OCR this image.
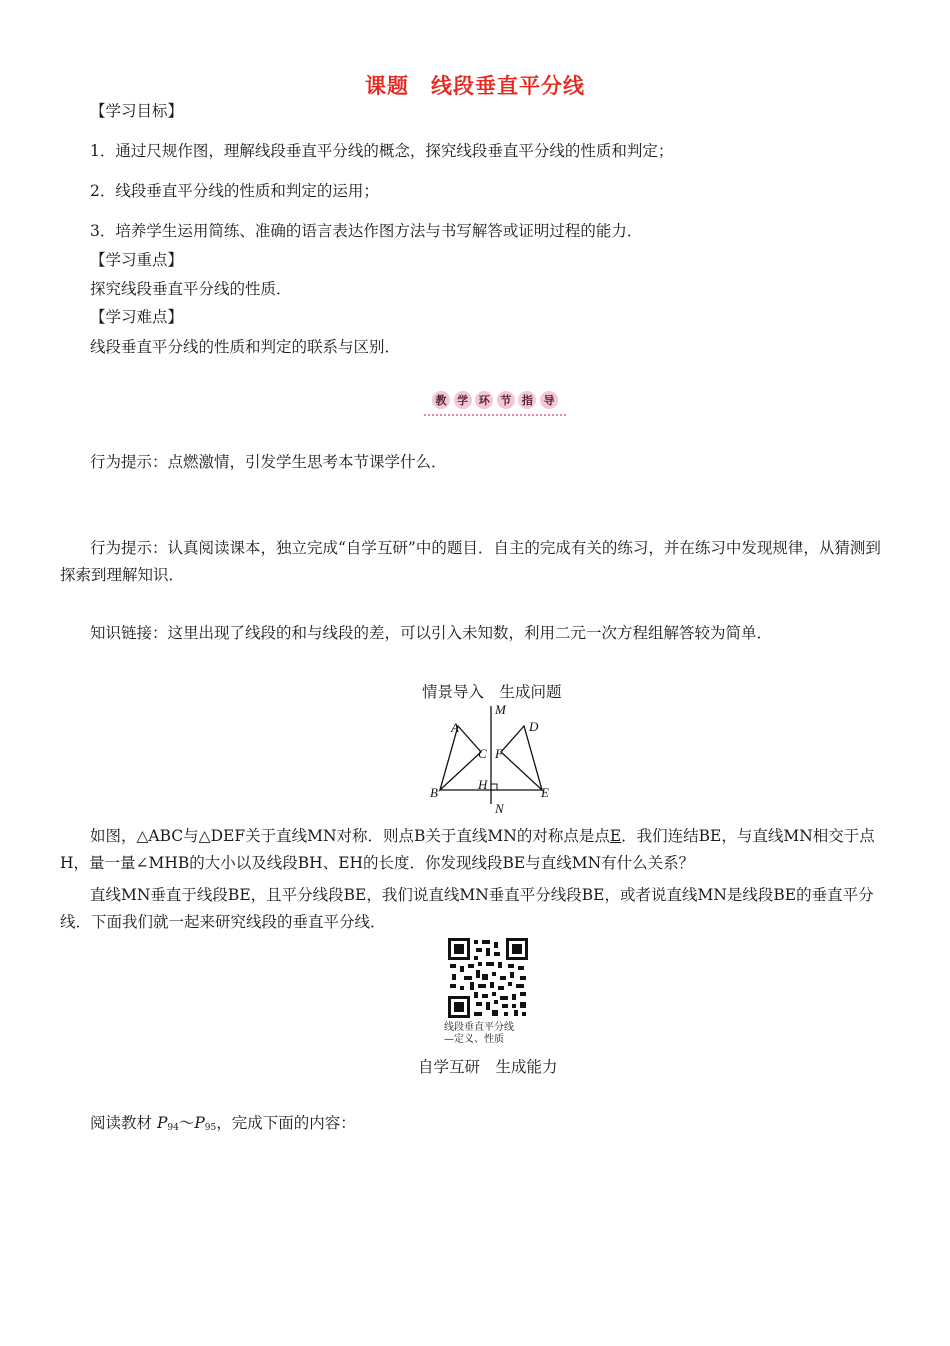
课题 线段垂直平分线
【学习目标】
1．通过尺规作图，理解线段垂直平分线的概念，探究线段垂直平分线的性质和判定；
2．线段垂直平分线的性质和判定的运用；
3．培养学生运用简练、准确的语言表达作图方法与书写解答或证明过程的能力．
【学习重点】
探究线段垂直平分线的性质．
【学习难点】
线段垂直平分线的性质和判定的联系与区别．
教 学 环 节 指 导
行为提示：点燃激情，引发学生思考本节课学什么．
行为提示：认真阅读课本，独立完成“自学互研”中的题目．自主的完成有关的练习，并在练习中发现规律，从猜测到探索到理解知识．
知识链接：这里出现了线段的和与线段的差，可以引入未知数，利用二元一次方程组解答较为简单．
情景导入　生成问题
A
B
C
D
E
F
H
M
N
如图，△ABC与△DEF关于直线MN对称．则点B关于直线MN的对称点是点E．我们连结BE，与直线MN相交于点H，量一量∠MHB的大小以及线段BH、EH的长度．你发现线段BE与直线MN有什么关系？
直线MN垂直于线段BE，且平分线段BE，我们说直线MN垂直平分线段BE，或者说直线MN是线段BE的垂直平分线．下面我们就一起来研究线段的垂直平分线．
线段垂直平分线
—定义、性质
自学互研　生成能力
阅读教材 $P_{94}\sim P_{95}$，完成下面的内容：
